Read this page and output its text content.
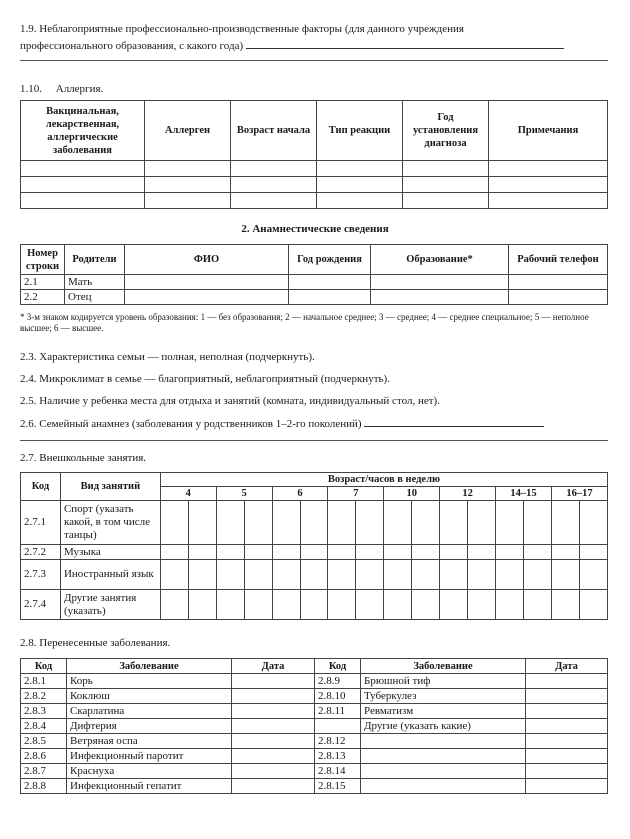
1.9. Неблагоприятные профессионально-производственные факторы (для данного учреждения
профессионального образования, с какого года)
1.10. Аллергия.
Вакцинальная, лекарственная, аллергические заболевания	Аллерген	Возраст начала	Тип реакции	Год установления диагноза	Примечания

2. Анамнестические сведения
Номер строки	Родители	ФИО	Год рождения	Образование*	Рабочий телефон
2.1	Мать				
2.2	Отец				
* 3-м знаком кодируется уровень образования: 1 — без образования; 2 — начальное среднее; 3 — среднее; 4 — среднее специальное; 5 — неполное высшее; 6 — высшее.
2.3. Характеристика семьи — полная, неполная (подчеркнуть).
2.4. Микроклимат в семье — благоприятный, неблагоприятный (подчеркнуть).
2.5. Наличие у ребенка места для отдыха и занятий (комната, индивидуальный стол, нет).
2.6. Семейный анамнез (заболевания у родственников 1–2-го поколений)
2.7. Внешкольные занятия.
Код	Вид занятий	Возраст/часов в неделю															
		4		5		6		7		10		12		14–15		16–17	
2.7.1	Спорт (указать какой, в том числе танцы)																
2.7.2	Музыка																
2.7.3	Иностранный язык																
2.7.4	Другие занятия (указать)																
2.8. Перенесенные заболевания.
Код	Заболевание	Дата	Код	Заболевание	Дата
2.8.1	Корь		2.8.9	Брюшной тиф	
2.8.2	Коклюш		2.8.10	Туберкулез	
2.8.3	Скарлатина		2.8.11	Ревматизм	
2.8.4	Дифтерия			Другие (указать какие)	
2.8.5	Ветряная оспа		2.8.12		
2.8.6	Инфекционный паротит		2.8.13		
2.8.7	Краснуха		2.8.14		
2.8.8	Инфекционный гепатит		2.8.15		
